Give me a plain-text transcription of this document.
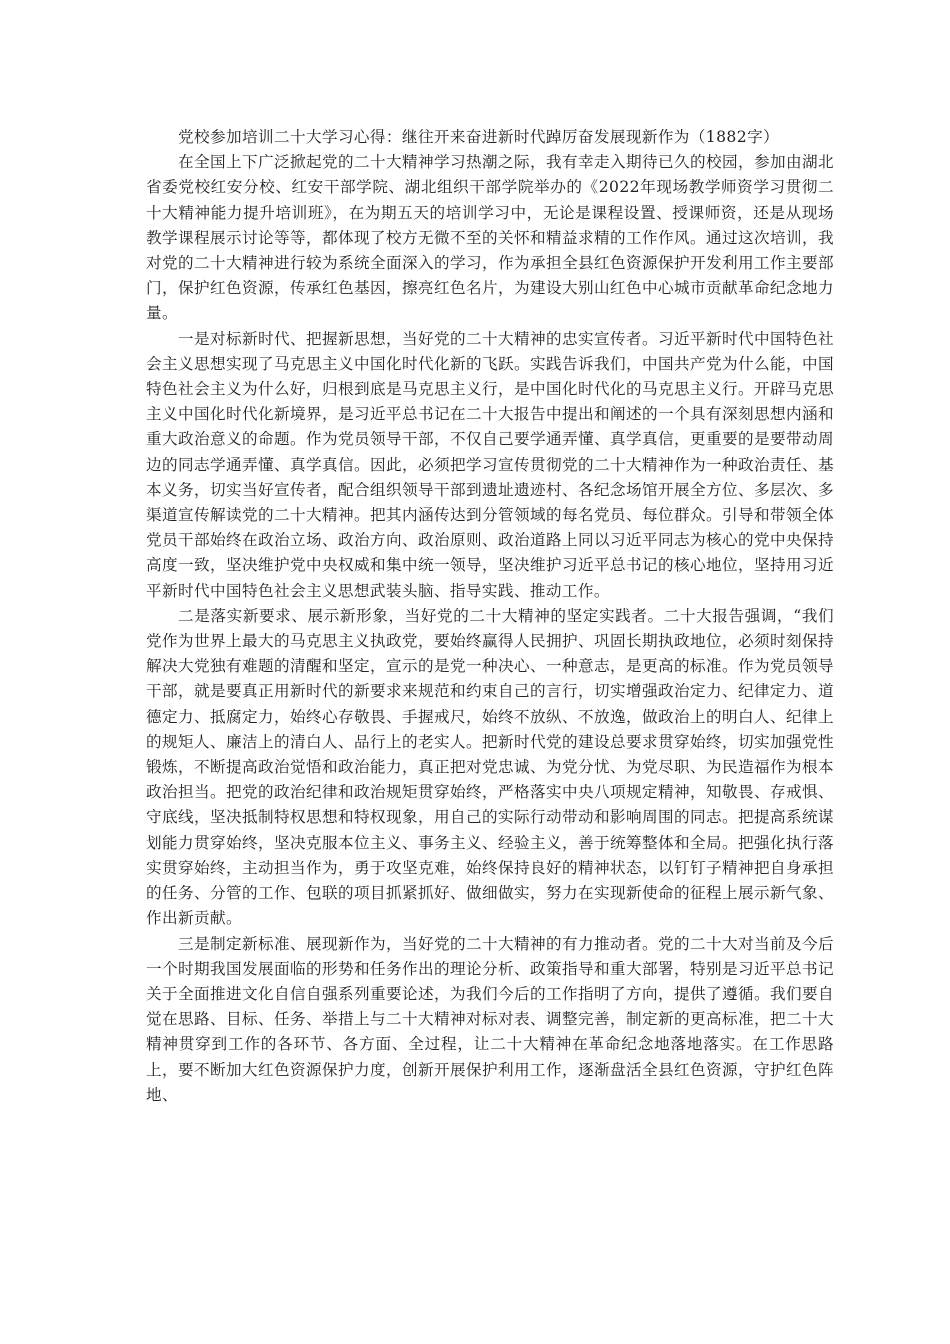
党校参加培训二十大学习心得：继往开来奋进新时代踔厉奋发展现新作为（1882字）

在全国上下广泛掀起党的二十大精神学习热潮之际，我有幸走入期待已久的校园，参加由湖北省委党校红安分校、红安干部学院、湖北组织干部学院举办的《2022年现场教学师资学习贯彻二十大精神能力提升培训班》，在为期五天的培训学习中，无论是课程设置、授课师资，还是从现场教学课程展示讨论等等，都体现了校方无微不至的关怀和精益求精的工作作风。通过这次培训，我对党的二十大精神进行较为系统全面深入的学习，作为承担全县红色资源保护开发利用工作主要部门，保护红色资源，传承红色基因，擦亮红色名片，为建设大别山红色中心城市贡献革命纪念地力量。

一是对标新时代、把握新思想，当好党的二十大精神的忠实宣传者。习近平新时代中国特色社会主义思想实现了马克思主义中国化时代化新的飞跃。实践告诉我们，中国共产党为什么能，中国特色社会主义为什么好，归根到底是马克思主义行，是中国化时代化的马克思主义行。开辟马克思主义中国化时代化新境界，是习近平总书记在二十大报告中提出和阐述的一个具有深刻思想内涵和重大政治意义的命题。作为党员领导干部，不仅自己要学通弄懂、真学真信，更重要的是要带动周边的同志学通弄懂、真学真信。因此，必须把学习宣传贯彻党的二十大精神作为一种政治责任、基本义务，切实当好宣传者，配合组织领导干部到遗址遗迹村、各纪念场馆开展全方位、多层次、多渠道宣传解读党的二十大精神。把其内涵传达到分管领域的每名党员、每位群众。引导和带领全体党员干部始终在政治立场、政治方向、政治原则、政治道路上同以习近平同志为核心的党中央保持高度一致，坚决维护党中央权威和集中统一领导，坚决维护习近平总书记的核心地位，坚持用习近平新时代中国特色社会主义思想武装头脑、指导实践、推动工作。

二是落实新要求、展示新形象，当好党的二十大精神的坚定实践者。二十大报告强调，“我们党作为世界上最大的马克思主义执政党，要始终赢得人民拥护、巩固长期执政地位，必须时刻保持解决大党独有难题的清醒和坚定，宣示的是党一种决心、一种意志，是更高的标准。作为党员领导干部，就是要真正用新时代的新要求来规范和约束自己的言行，切实增强政治定力、纪律定力、道德定力、抵腐定力，始终心存敬畏、手握戒尺，始终不放纵、不放逸，做政治上的明白人、纪律上的规矩人、廉洁上的清白人、品行上的老实人。把新时代党的建设总要求贯穿始终，切实加强党性锻炼，不断提高政治觉悟和政治能力，真正把对党忠诚、为党分忧、为党尽职、为民造福作为根本政治担当。把党的政治纪律和政治规矩贯穿始终，严格落实中央八项规定精神，知敬畏、存戒惧、守底线，坚决抵制特权思想和特权现象，用自己的实际行动带动和影响周围的同志。把提高系统谋划能力贯穿始终，坚决克服本位主义、事务主义、经验主义，善于统筹整体和全局。把强化执行落实贯穿始终，主动担当作为，勇于攻坚克难，始终保持良好的精神状态，以钉钉子精神把自身承担的任务、分管的工作、包联的项目抓紧抓好、做细做实，努力在实现新使命的征程上展示新气象、作出新贡献。

三是制定新标准、展现新作为，当好党的二十大精神的有力推动者。党的二十大对当前及今后一个时期我国发展面临的形势和任务作出的理论分析、政策指导和重大部署，特别是习近平总书记关于全面推进文化自信自强系列重要论述，为我们今后的工作指明了方向，提供了遵循。我们要自觉在思路、目标、任务、举措上与二十大精神对标对表、调整完善，制定新的更高标准，把二十大精神贯穿到工作的各环节、各方面、全过程，让二十大精神在革命纪念地落地落实。在工作思路上，要不断加大红色资源保护力度，创新开展保护利用工作，逐渐盘活全县红色资源，守护红色阵地、
